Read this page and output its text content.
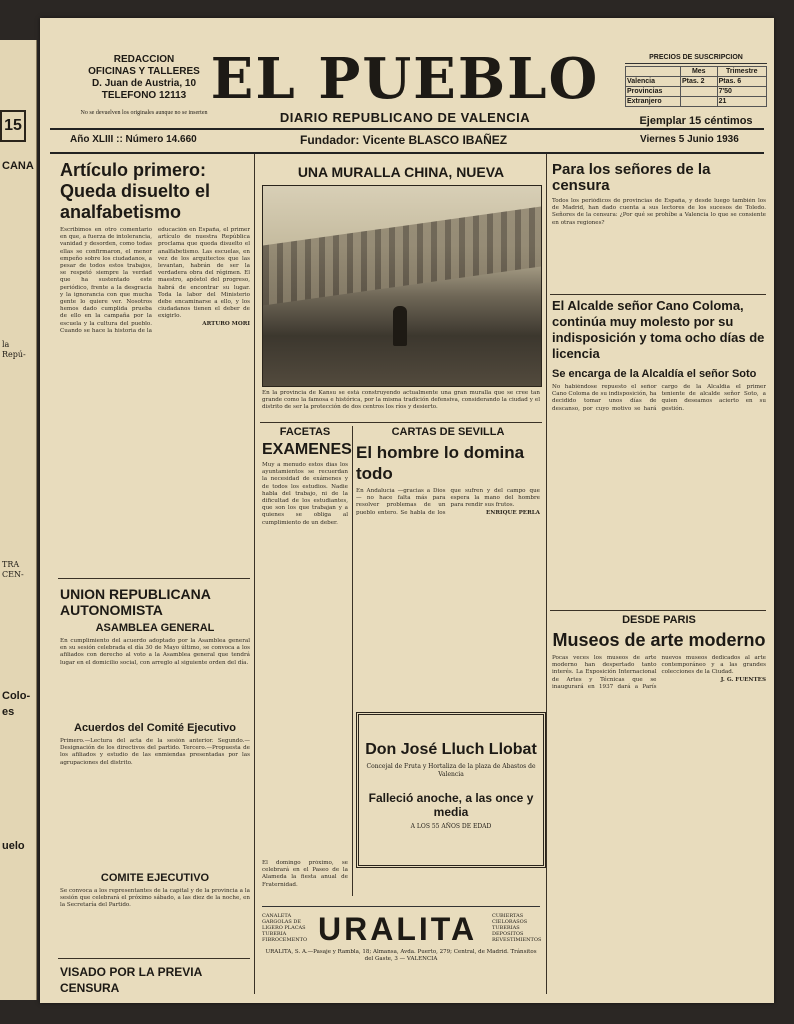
15
CANA
la Repú-
TRA CEN-
Colo-
es
uelo
REDACCION
OFICINAS Y TALLERES
D. Juan de Austria, 10
TELEFONO 12113
No se devuelven los originales aunque no se inserten
EL PUEBLO
DIARIO REPUBLICANO DE VALENCIA
PRECIOS DE SUSCRIPCION
	Mes	Trimestre
Valencia	Ptas. 2	Ptas. 6
Provincias		7'50
Extranjero		21
Ejemplar 15 céntimos
Año XLIII :: Número 14.660	Fundador: Vicente BLASCO IBAÑEZ	Viernes 5 Junio 1936

Artículo primero: Queda disuelto el analfabetismo

Escribimos en otro comentario en que, a fuerza de intolerancia, vanidad y desorden, como todas ellas se confirmaron, el menor empeño sobre los ciudadanos, a pesar de todos estos trabajos, se respetó siempre la verdad que ha sustentado este periódico, frente a la desgracia y la ignorancia con que mucha gente lo quiere ver. Nosotros hemos dado cumplida prueba de ello en la campaña por la escuela y la cultura del pueblo. Cuando se hace la historia de la educación en España, el primer artículo de nuestra República proclama que queda disuelto el analfabetismo. Las escuelas, en vez de los arquitectos que las levantan, habrán de ser la verdadera obra del régimen. El maestro, apóstol del progreso, habrá de encontrar su lugar. Toda la labor del Ministerio debe encaminarse a ello, y los ciudadanos tienen el deber de exigirlo.
ARTURO MORI

UNION REPUBLICANA AUTONOMISTA

ASAMBLEA GENERAL
En cumplimiento del acuerdo adoptado por la Asamblea general en su sesión celebrada el día 30 de Mayo último, se convoca a los afiliados con derecho al voto a la Asamblea general que tendrá lugar en el domicilio social, con arreglo al siguiente orden del día.
Acuerdos del Comité Ejecutivo
Primero.—Lectura del acta de la sesión anterior. Segundo.—Designación de los directivos del partido. Tercero.—Propuesta de los afiliados y estudio de las enmiendas presentadas por las agrupaciones del distrito.
COMITE EJECUTIVO
Se convoca a los representantes de la capital y de la provincia a la sesión que celebrará el próximo sábado, a las diez de la noche, en la Secretaría del Partido.

VISADO POR LA PREVIA CENSURA

UNA MURALLA CHINA, NUEVA

En la provincia de Kansu se está construyendo actualmente una gran muralla que se cree tan grande como la famosa e histórica, por la misma tradición defensiva, considerando la ciudad y el distrito de ser la protección de dos centros los ríos y desierto.
FACETAS

EXAMENES

Muy a menudo estos días los ayuntamientos se recuerdan la necesidad de exámenes y de todos los estudios. Nadie habla del trabajo, ni de la dificultad de los estudiantes, que son los que trabajan y a quienes se obliga al cumplimiento de un deber.
CARTAS DE SEVILLA

El hombre lo domina todo

En Andalucía —gracias a Dios— no hace falta más para resolver problemas de un pueblo entero. Se habla de los que sufren y del campo que espera la mano del hombre para rendir sus frutos.
ENRIQUE PERLA
El domingo próximo, se celebrará en el Paseo de la Alameda la fiesta anual de Fraternidad.
Don José Lluch Llobat
Concejal de Fruta y Hortaliza de la plaza de Abastos de Valencia
Falleció anoche, a las once y media
A LOS 55 AÑOS DE EDAD
CANALETA GARGOLAS DE LIGERO PLACAS TUBERIA FIBROCEMENTO URALITA	CUBIERTAS CIELORASOS TUBERIAS DEPOSITOS REVESTIMIENTOS
URALITA, S. A.—Pasaje y Rambla, 18; Almansa, Avda. Puerto, 279; Central, de Madrid. Tránsitos del Gaste, 3 — VALENCIA

Para los señores de la censura

Todos los periódicos de provincias de España, y desde luego también los de Madrid, han dado cuenta a sus lectores de los sucesos de Toledo. Señores de la censura: ¿Por qué se prohíbe a Valencia lo que se consiente en otras regiones?

El Alcalde señor Cano Coloma, continúa muy molesto por su indisposición y toma ocho días de licencia

Se encarga de la Alcaldía el señor Soto
No habiéndose repuesto el señor Cano Coloma de su indisposición, ha decidido tomar unos días de descanso, por cuyo motivo se hará cargo de la Alcaldía el primer teniente de alcalde señor Soto, a quien deseamos acierto en su gestión.
DESDE PARIS

Museos de arte moderno

Pocas veces los museos de arte moderno han despertado tanto interés. La Exposición Internacional de Artes y Técnicas que se inaugurará en 1937 dará a París nuevos museos dedicados al arte contemporáneo y a las grandes colecciones de la Ciudad.
J. G. FUENTES
